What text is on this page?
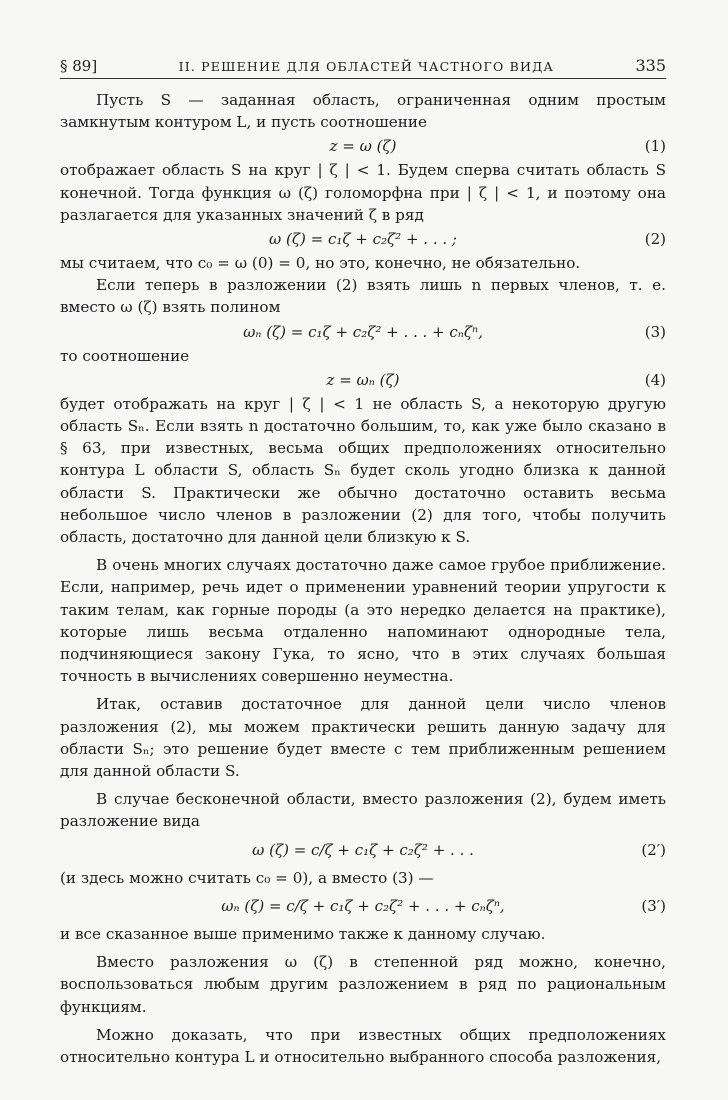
§ 89]	II. РЕШЕНИЕ ДЛЯ ОБЛАСТЕЙ ЧАСТНОГО ВИДА	335

Пусть S — заданная область, ограниченная одним простым замкнутым контуром L, и пусть соотношение

z = ω (ζ)	(1)

отображает область S на круг | ζ | < 1. Будем сперва считать область S конечной. Тогда функция ω (ζ) голоморфна при | ζ | < 1, и поэтому она разлагается для указанных значений ζ в ряд

ω (ζ) = c₁ζ + c₂ζ² + . . . ;	(2)

мы считаем, что c₀ = ω (0) = 0, но это, конечно, не обязательно.

Если теперь в разложении (2) взять лишь n первых членов, т. е. вместо ω (ζ) взять полином

ωₙ (ζ) = c₁ζ + c₂ζ² + . . . + cₙζⁿ,	(3)

то соотношение

z = ωₙ (ζ)	(4)

будет отображать на круг | ζ | < 1 не область S, а некоторую другую область Sₙ. Если взять n достаточно большим, то, как уже было сказано в § 63, при известных, весьма общих предположениях относительно контура L области S, область Sₙ будет сколь угодно близка к данной области S. Практически же обычно достаточно оставить весьма небольшое число членов в разложении (2) для того, чтобы получить область, достаточно для данной цели близкую к S.

В очень многих случаях достаточно даже самое грубое приближение. Если, например, речь идет о применении уравнений теории упругости к таким телам, как горные породы (а это нередко делается на практике), которые лишь весьма отдаленно напоминают однородные тела, подчиняющиеся закону Гука, то ясно, что в этих случаях большая точность в вычислениях совершенно неуместна.

Итак, оставив достаточное для данной цели число членов разложения (2), мы можем практически решить данную задачу для области Sₙ; это решение будет вместе с тем приближенным решением для данной области S.

В случае бесконечной области, вместо разложения (2), будем иметь разложение вида

ω (ζ) = c/ζ + c₁ζ + c₂ζ² + . . .	(2′)

(и здесь можно считать c₀ = 0), а вместо (3) —

ωₙ (ζ) = c/ζ + c₁ζ + c₂ζ² + . . . + cₙζⁿ,	(3′)

и все сказанное выше применимо также к данному случаю.

Вместо разложения ω (ζ) в степенной ряд можно, конечно, воспользоваться любым другим разложением в ряд по рациональным функциям.

Можно доказать, что при известных общих предположениях относительно контура L и относительно выбранного способа разложения,
